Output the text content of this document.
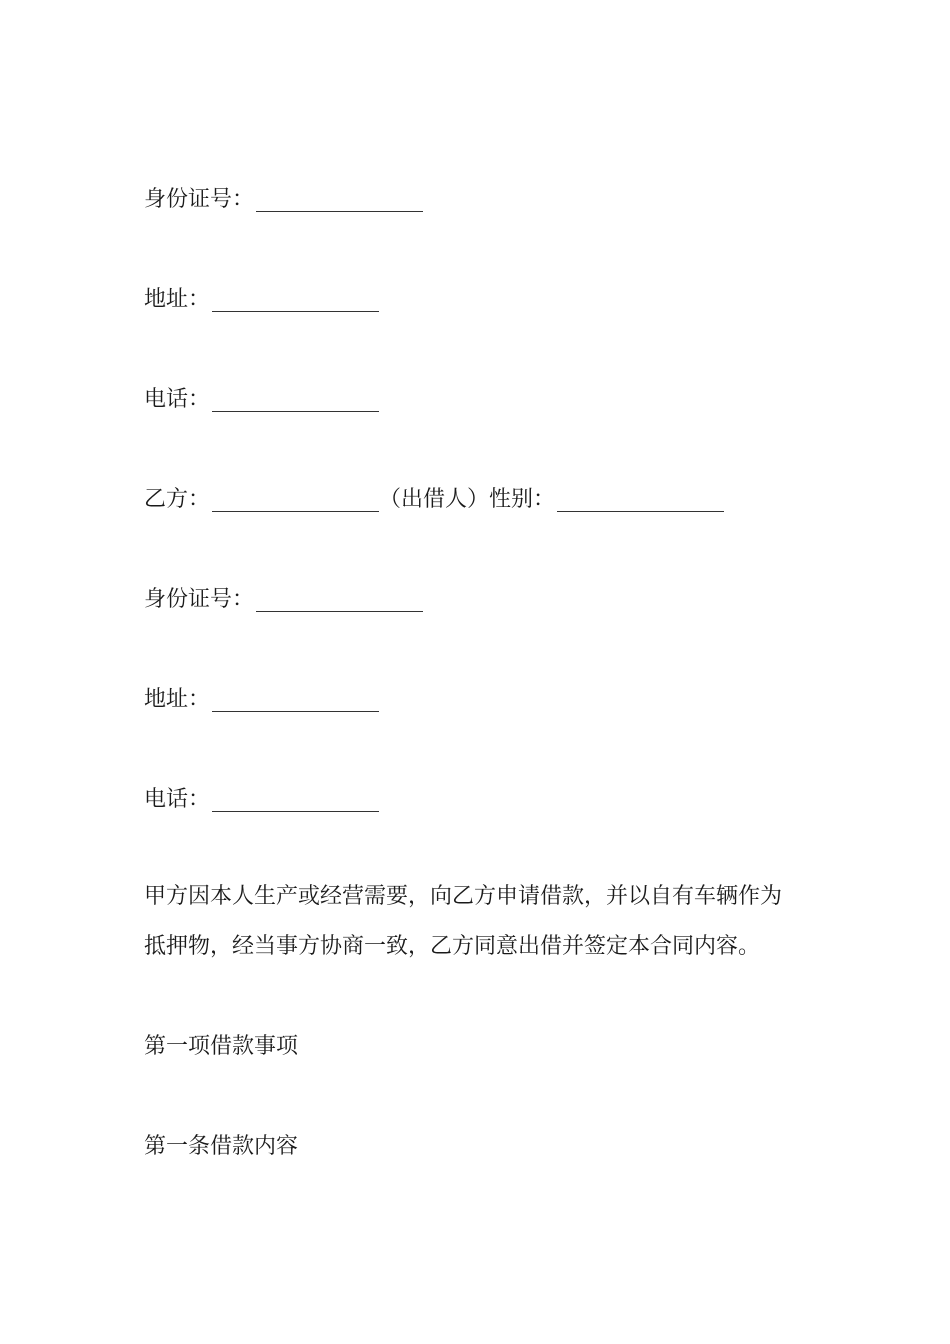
身份证号：
地址：
电话：
乙方：	（出借人） 性别：
身份证号：
地址：
电话：

甲方因本人生产或经营需要，向乙方申请借款，并以自有车辆作为

抵押物，经当事方协商一致，乙方同意出借并签定本合同内容。

第一项借款事项
第一条借款内容
